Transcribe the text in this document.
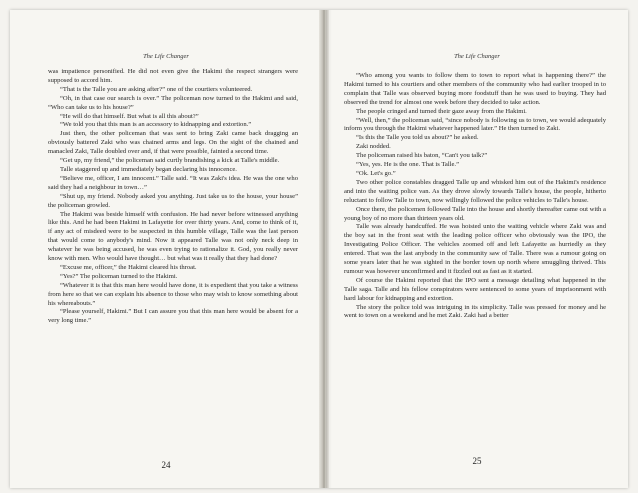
The Life Changer

was impatience personified. He did not even give the Hakimi the respect strangers were supposed to accord him.

“That is the Talle you are asking after?” one of the courtiers volunteered.

“Oh, in that case our search is over.” The policeman now turned to the Hakimi and said, “Who can take us to his house?”

“He will do that himself. But what is all this about?”

“We told you that this man is an accessory to kidnapping and extortion.”

Just then, the other policeman that was sent to bring Zaki came back dragging an obviously battered Zaki who was chained arms and legs. On the sight of the chained and manacled Zaki, Talle doubled over and, if that were possible, fainted a second time.

“Get up, my friend,” the policeman said curtly brandishing a kick at Talle's middle.

Talle staggered up and immediately began declaring his innocence.

“Believe me, officer, I am innocent.” Talle said. “It was Zaki's idea. He was the one who said they had a neighbour in town…”

“Shut up, my friend. Nobody asked you anything. Just take us to the house, your house” the policeman growled.

The Hakimi was beside himself with confusion. He had never before witnessed anything like this. And he had been Hakimi in Lafayette for over thirty years. And, come to think of it, if any act of misdeed were to be suspected in this humble village, Talle was the last person that would come to anybody's mind. Now it appeared Talle was not only neck deep in whatever he was being accused, he was even trying to rationalize it. God, you really never know with men. Who would have thought… but what was it really that they had done?

“Excuse me, officer,” the Hakimi cleared his throat.

“Yes?” The policeman turned to the Hakimi.

“Whatever it is that this man here would have done, it is expedient that you take a witness from here so that we can explain his absence to those who may wish to know something about his whereabouts.”

“Please yourself, Hakimi.” But I can assure you that this man here would be absent for a very long time.”

24
The Life Changer

“Who among you wants to follow them to town to report what is happening there?” the Hakimi turned to his courtiers and other members of the community who had earlier trooped in to complain that Talle was observed buying more foodstuff than he was used to buying. They had observed the trend for almost one week before they decided to take action.

The people cringed and turned their gaze away from the Hakimi.

“Well, then,” the policeman said, “since nobody is following us to town, we would adequately inform you through the Hakimi whatever happened later.” He then turned to Zaki.

“Is this the Talle you told us about?” he asked.

Zaki nodded.

The policeman raised his baton, “Can't you talk?”

“Yes, yes. He is the one. That is Talle.”

“Ok. Let's go.”

Two other police constables dragged Talle up and whisked him out of the Hakimi's residence and into the waiting police van. As they drove slowly towards Talle's house, the people, hitherto reluctant to follow Talle to town, now willingly followed the police vehicles to Talle's house.

Once there, the policemen followed Talle into the house and shortly thereafter came out with a young boy of no more than thirteen years old.

Talle was already handcuffed. He was hoisted unto the waiting vehicle where Zaki was and the boy sat in the front seat with the leading police officer who obviously was the IPO, the Investigating Police Officer. The vehicles zoomed off and left Lafayette as hurriedly as they entered. That was the last anybody in the community saw of Talle. There was a rumour going on some years later that he was sighted in the border town up north where smuggling thrived. This rumour was however unconfirmed and it fizzled out as fast as it started.

Of course the Hakimi reported that the IPO sent a message detailing what happened in the Talle saga. Talle and his fellow conspirators were sentenced to some years of imprisonment with hard labour for kidnapping and extortion.

The story the police told was intriguing in its simplicity. Talle was pressed for money and he went to town on a weekend and he met Zaki. Zaki had a better

25
